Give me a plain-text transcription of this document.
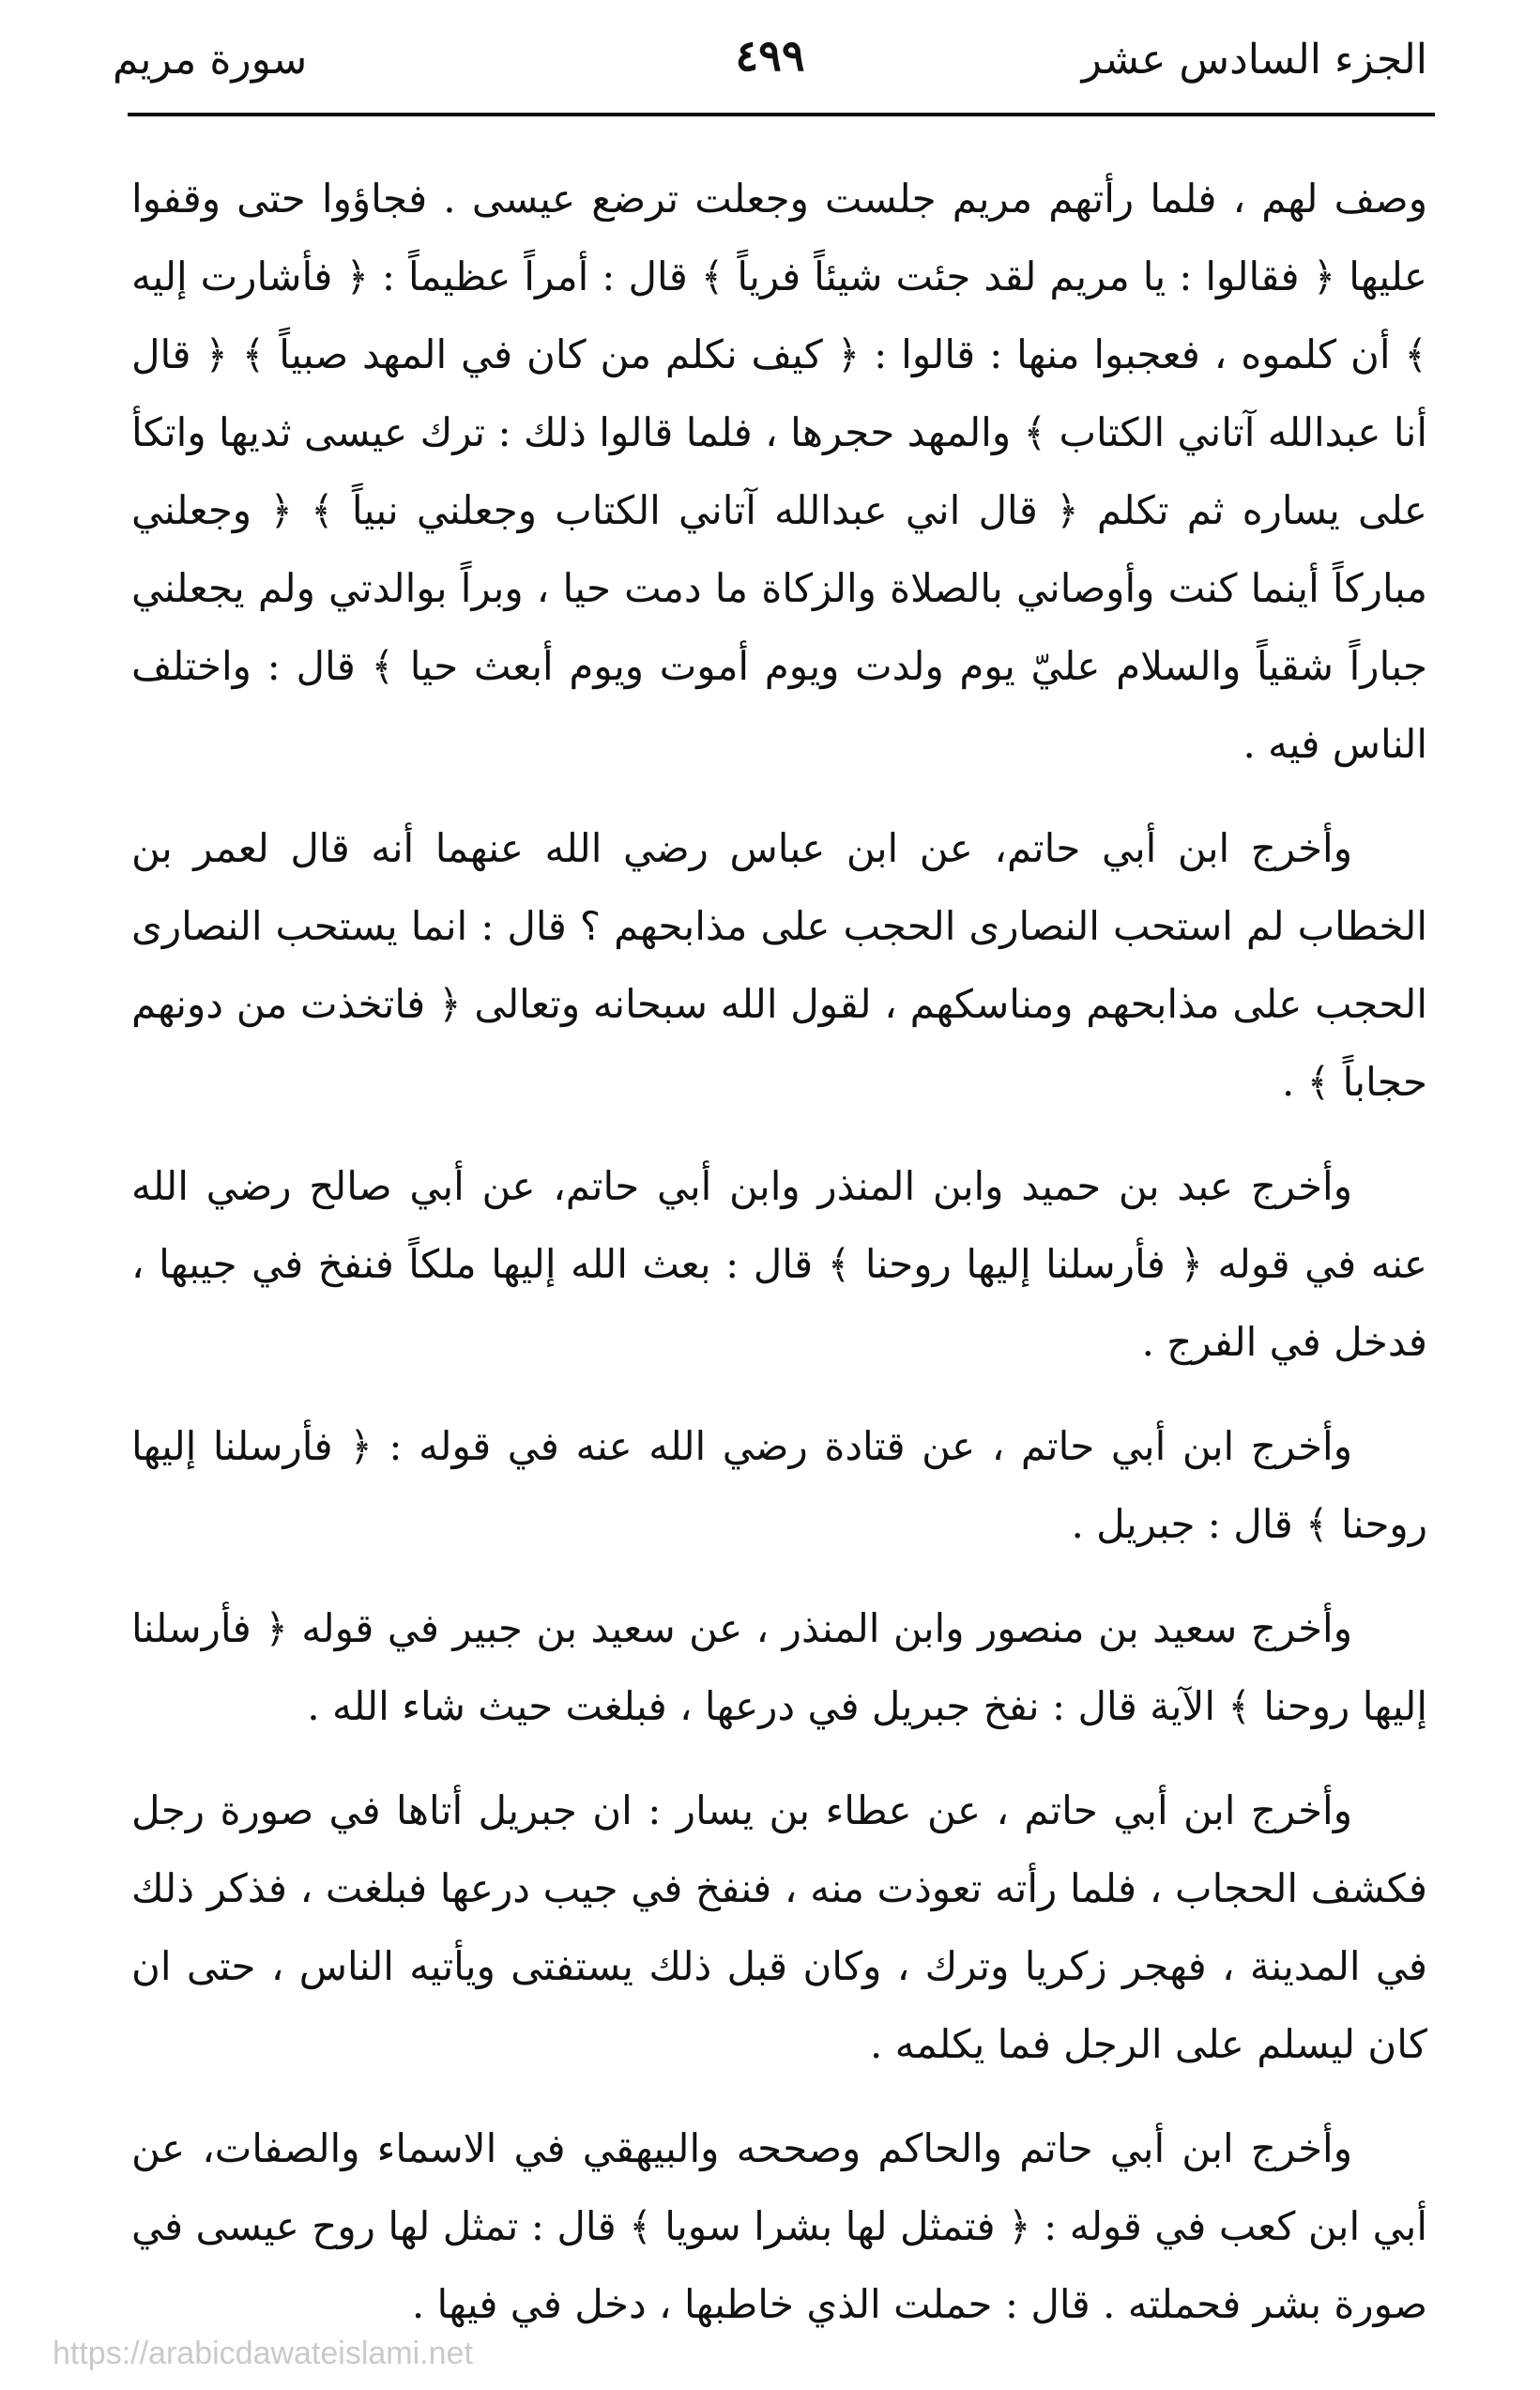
الجزء السادس عشر
٤٩٩
سورة مريم

وصف لهم ، فلما رأتهم مريم جلست وجعلت ترضع عيسى . فجاؤوا حتى وقفوا عليها ﴿ فقالوا : يا مريم لقد جئت شيئاً فرياً ﴾ قال : أمراً عظيماً : ﴿ فأشارت إليه ﴾ أن كلموه ، فعجبوا منها : قالوا : ﴿ كيف نكلم من كان في المهد صبياً ﴾ ﴿ قال أنا عبدالله آتاني الكتاب ﴾ والمهد حجرها ، فلما قالوا ذلك : ترك عيسى ثديها واتكأ على يساره ثم تكلم ﴿ قال اني عبدالله آتاني الكتاب وجعلني نبياً ﴾ ﴿ وجعلني مباركاً أينما كنت وأوصاني بالصلاة والزكاة ما دمت حيا ، وبراً بوالدتي ولم يجعلني جباراً شقياً والسلام عليّ يوم ولدت ويوم أموت ويوم أبعث حيا ﴾ قال : واختلف الناس فيه .

وأخرج ابن أبي حاتم، عن ابن عباس رضي الله عنهما أنه قال لعمر بن الخطاب لم استحب النصارى الحجب على مذابحهم ؟ قال : انما يستحب النصارى الحجب على مذابحهم ومناسكهم ، لقول الله سبحانه وتعالى ﴿ فاتخذت من دونهم حجاباً ﴾ .

وأخرج عبد بن حميد وابن المنذر وابن أبي حاتم، عن أبي صالح رضي الله عنه في قوله ﴿ فأرسلنا إليها روحنا ﴾ قال : بعث الله إليها ملكاً فنفخ في جيبها ، فدخل في الفرج .

وأخرج ابن أبي حاتم ، عن قتادة رضي الله عنه في قوله : ﴿ فأرسلنا إليها روحنا ﴾ قال : جبريل .

وأخرج سعيد بن منصور وابن المنذر ، عن سعيد بن جبير في قوله ﴿ فأرسلنا إليها روحنا ﴾ الآية قال : نفخ جبريل في درعها ، فبلغت حيث شاء الله .

وأخرج ابن أبي حاتم ، عن عطاء بن يسار : ان جبريل أتاها في صورة رجل فكشف الحجاب ، فلما رأته تعوذت منه ، فنفخ في جيب درعها فبلغت ، فذكر ذلك في المدينة ، فهجر زكريا وترك ، وكان قبل ذلك يستفتى ويأتيه الناس ، حتى ان كان ليسلم على الرجل فما يكلمه .

وأخرج ابن أبي حاتم والحاكم وصححه والبيهقي في الاسماء والصفات، عن أبي ابن كعب في قوله : ﴿ فتمثل لها بشرا سويا ﴾ قال : تمثل لها روح عيسى في صورة بشر فحملته . قال : حملت الذي خاطبها ، دخل في فيها .

https://arabicdawateislami.net
